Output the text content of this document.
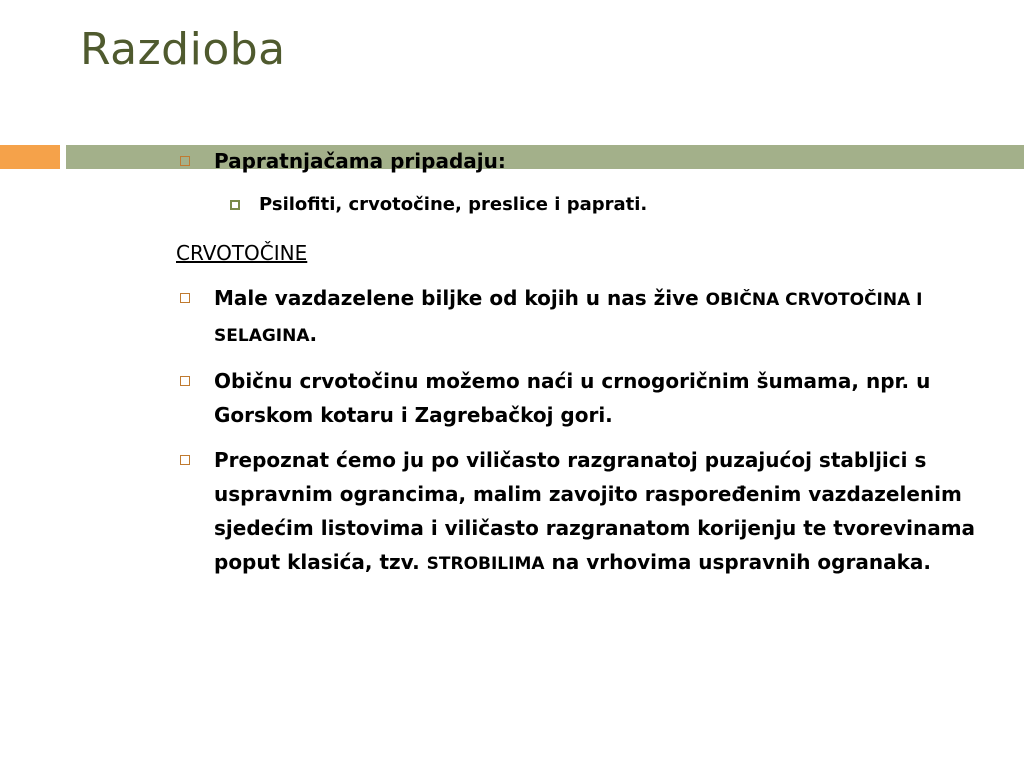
Razdioba
Papratnjačama pripadaju:
Psilofiti, crvotočine, preslice i paprati.
CRVOTOČINE
Male vazdazelene biljke od kojih u nas žive OBIČNA CRVOTOČINA I SELAGINA.
Običnu crvotočinu možemo naći u crnogoričnim šumama, npr. u Gorskom kotaru i Zagrebačkoj gori.
Prepoznat ćemo ju po viličasto razgranatoj puzajućoj stabljici s uspravnim ograncima, malim zavojito raspoređenim vazdazelenim sjedećim listovima i viličasto razgranatom korijenju te tvorevinama poput klasića, tzv. STROBILIMA na vrhovima uspravnih ogranaka.
